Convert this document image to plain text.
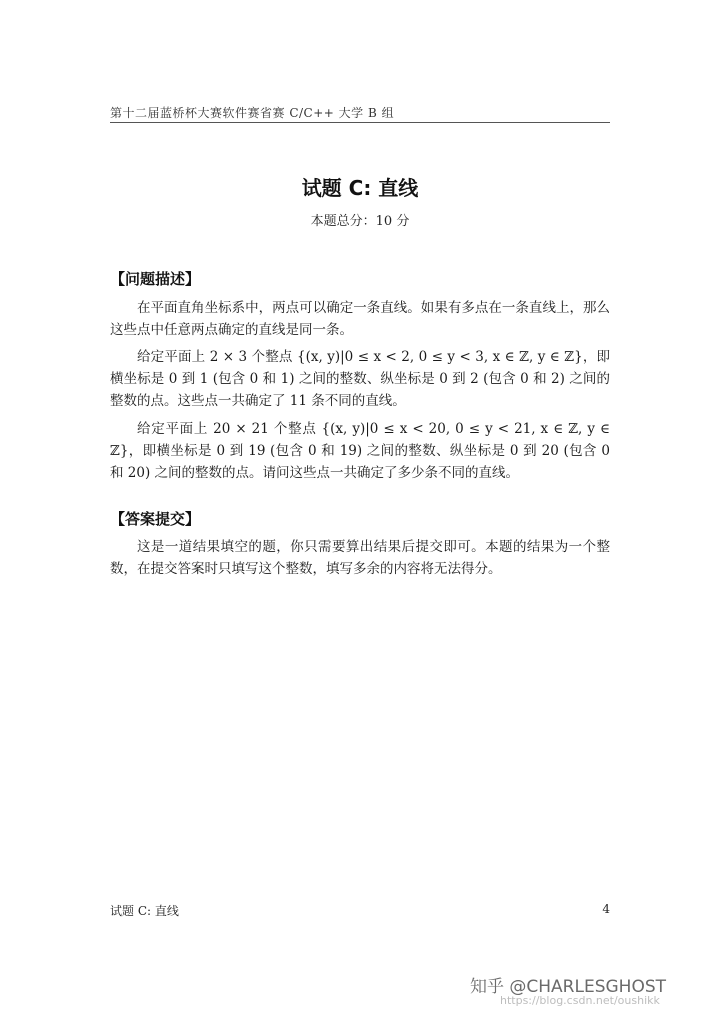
第十二届蓝桥杯大赛软件赛省赛 C/C++ 大学 B 组
试题 C: 直线
本题总分：10 分
【问题描述】

在平面直角坐标系中，两点可以确定一条直线。如果有多点在一条直线上，那么这些点中任意两点确定的直线是同一条。

给定平面上 2 × 3 个整点 {(x, y)|0 ≤ x < 2, 0 ≤ y < 3, x ∈ ℤ, y ∈ ℤ}，即横坐标是 0 到 1 (包含 0 和 1) 之间的整数、纵坐标是 0 到 2 (包含 0 和 2) 之间的整数的点。这些点一共确定了 11 条不同的直线。

给定平面上 20 × 21 个整点 {(x, y)|0 ≤ x < 20, 0 ≤ y < 21, x ∈ ℤ, y ∈ ℤ}，即横坐标是 0 到 19 (包含 0 和 19) 之间的整数、纵坐标是 0 到 20 (包含 0 和 20) 之间的整数的点。请问这些点一共确定了多少条不同的直线。

【答案提交】

这是一道结果填空的题，你只需要算出结果后提交即可。本题的结果为一个整数，在提交答案时只填写这个整数，填写多余的内容将无法得分。

试题 C: 直线	4
知乎 @CHARLESGHOST
https://blog.csdn.net/oushikk
